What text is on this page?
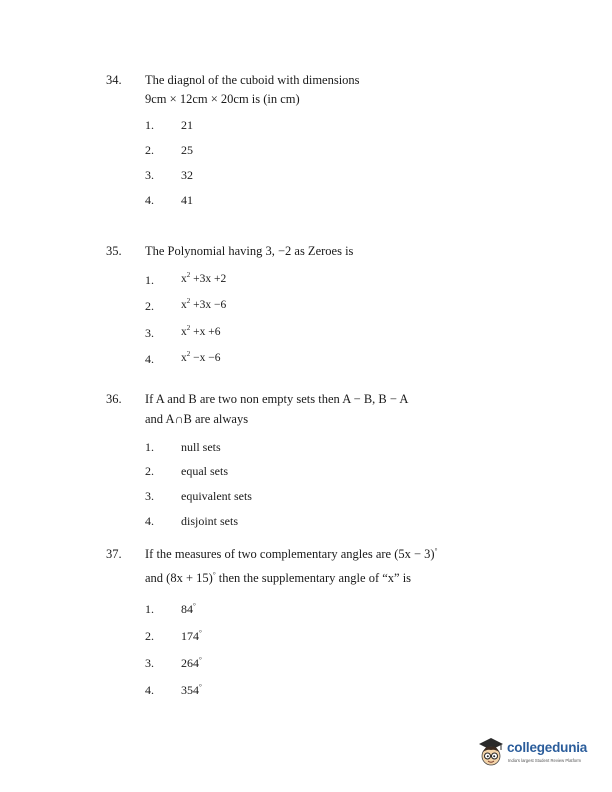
34. The diagnol of the cuboid with dimensions
9cm × 12cm × 20cm is (in cm)
1. 21
2. 25
3. 32
4. 41
35. The Polynomial having 3, −2 as Zeroes is
1. $x^2 +3x +2$
2. $x^2 +3x -6$
3. $x^2 +x +6$
4. $x^2 -x -6$
36. If A and B are two non empty sets then A − B, B − A
and A∩B are always
1. null sets
2. equal sets
3. equivalent sets
4. disjoint sets
37. If the measures of two complementary angles are (5x − 3)°
and (8x + 15)° then the supplementary angle of “x” is
1. 84°
2. 174°
3. 264°
4. 354°
collegedunia
India's largest Student Review Platform
